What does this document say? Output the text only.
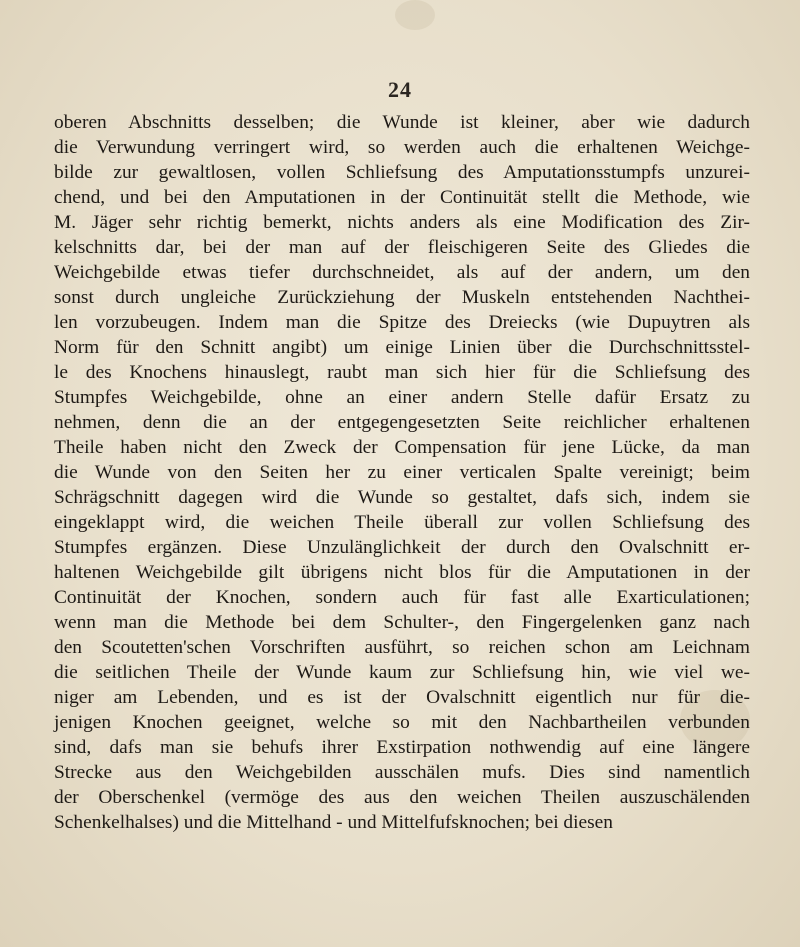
24
oberen Abschnitts desselben; die Wunde ist kleiner, aber wie dadurch
die Verwundung verringert wird, so werden auch die erhaltenen Weichge-
bilde zur gewaltlosen, vollen Schliefsung des Amputationsstumpfs unzurei-
chend, und bei den Amputationen in der Continuität stellt die Methode, wie
M. Jäger sehr richtig bemerkt, nichts anders als eine Modification des Zir-
kelschnitts dar, bei der man auf der fleischigeren Seite des Gliedes die
Weichgebilde etwas tiefer durchschneidet, als auf der andern, um den
sonst durch ungleiche Zurückziehung der Muskeln entstehenden Nachthei-
len vorzubeugen. Indem man die Spitze des Dreiecks (wie Dupuytren als
Norm für den Schnitt angibt) um einige Linien über die Durchschnittsstel-
le des Knochens hinauslegt, raubt man sich hier für die Schliefsung des
Stumpfes Weichgebilde, ohne an einer andern Stelle dafür Ersatz zu
nehmen, denn die an der entgegengesetzten Seite reichlicher erhaltenen
Theile haben nicht den Zweck der Compensation für jene Lücke, da man
die Wunde von den Seiten her zu einer verticalen Spalte vereinigt; beim
Schrägschnitt dagegen wird die Wunde so gestaltet, dafs sich, indem sie
eingeklappt wird, die weichen Theile überall zur vollen Schliefsung des
Stumpfes ergänzen. Diese Unzulänglichkeit der durch den Ovalschnitt er-
haltenen Weichgebilde gilt übrigens nicht blos für die Amputationen in der
Continuität der Knochen, sondern auch für fast alle Exarticulationen;
wenn man die Methode bei dem Schulter-, den Fingergelenken ganz nach
den Scoutetten'schen Vorschriften ausführt, so reichen schon am Leichnam
die seitlichen Theile der Wunde kaum zur Schliefsung hin, wie viel we-
niger am Lebenden, und es ist der Ovalschnitt eigentlich nur für die-
jenigen Knochen geeignet, welche so mit den Nachbartheilen verbunden
sind, dafs man sie behufs ihrer Exstirpation nothwendig auf eine längere
Strecke aus den Weichgebilden ausschälen mufs. Dies sind namentlich
der Oberschenkel (vermöge des aus den weichen Theilen auszuschälenden
Schenkelhalses) und die Mittelhand - und Mittelfufsknochen; bei diesen
